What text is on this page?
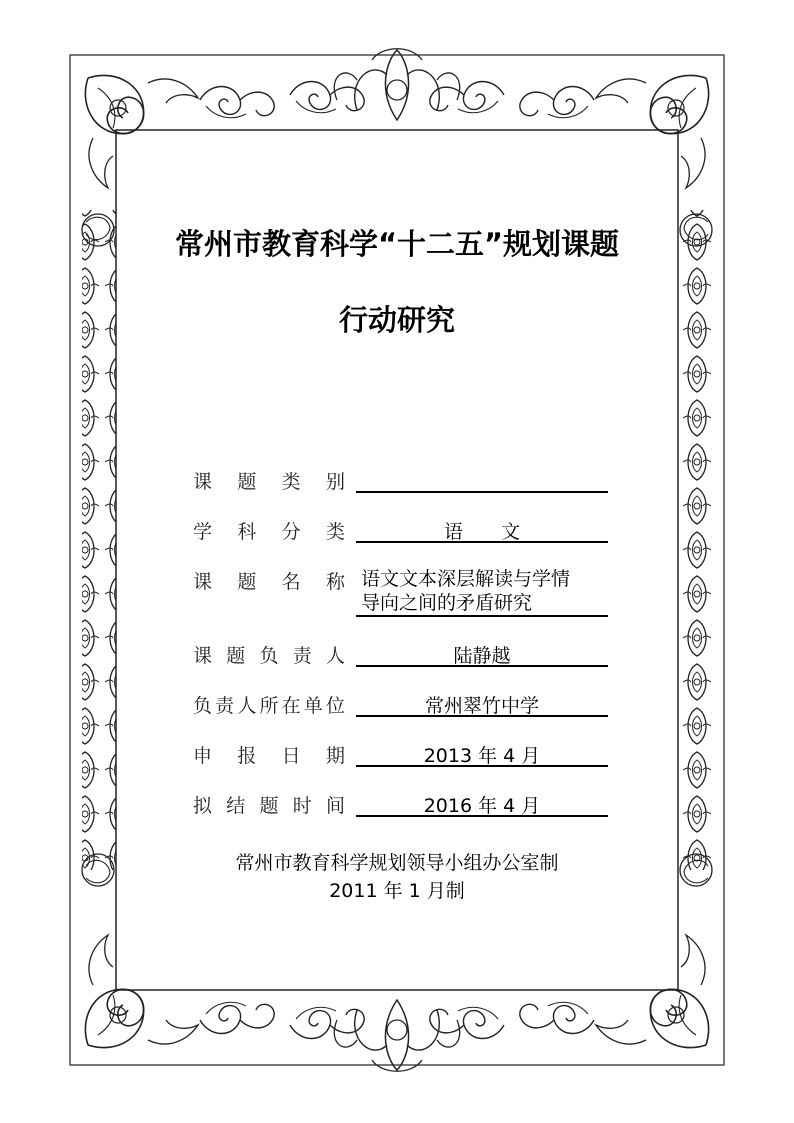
常州市教育科学“十二五”规划课题
行动研究
课 题 类 别
学 科 分 类	语　　文
课 题 名 称 语文文本深层解读与学情
导向之间的矛盾研究
课 题 负 责 人	陆静越
负 责 人 所 在 单 位	常州翠竹中学
申 报 日 期	2013 年 4 月
拟 结 题 时 间	2016 年 4 月
常州市教育科学规划领导小组办公室制
2011 年 1 月制
